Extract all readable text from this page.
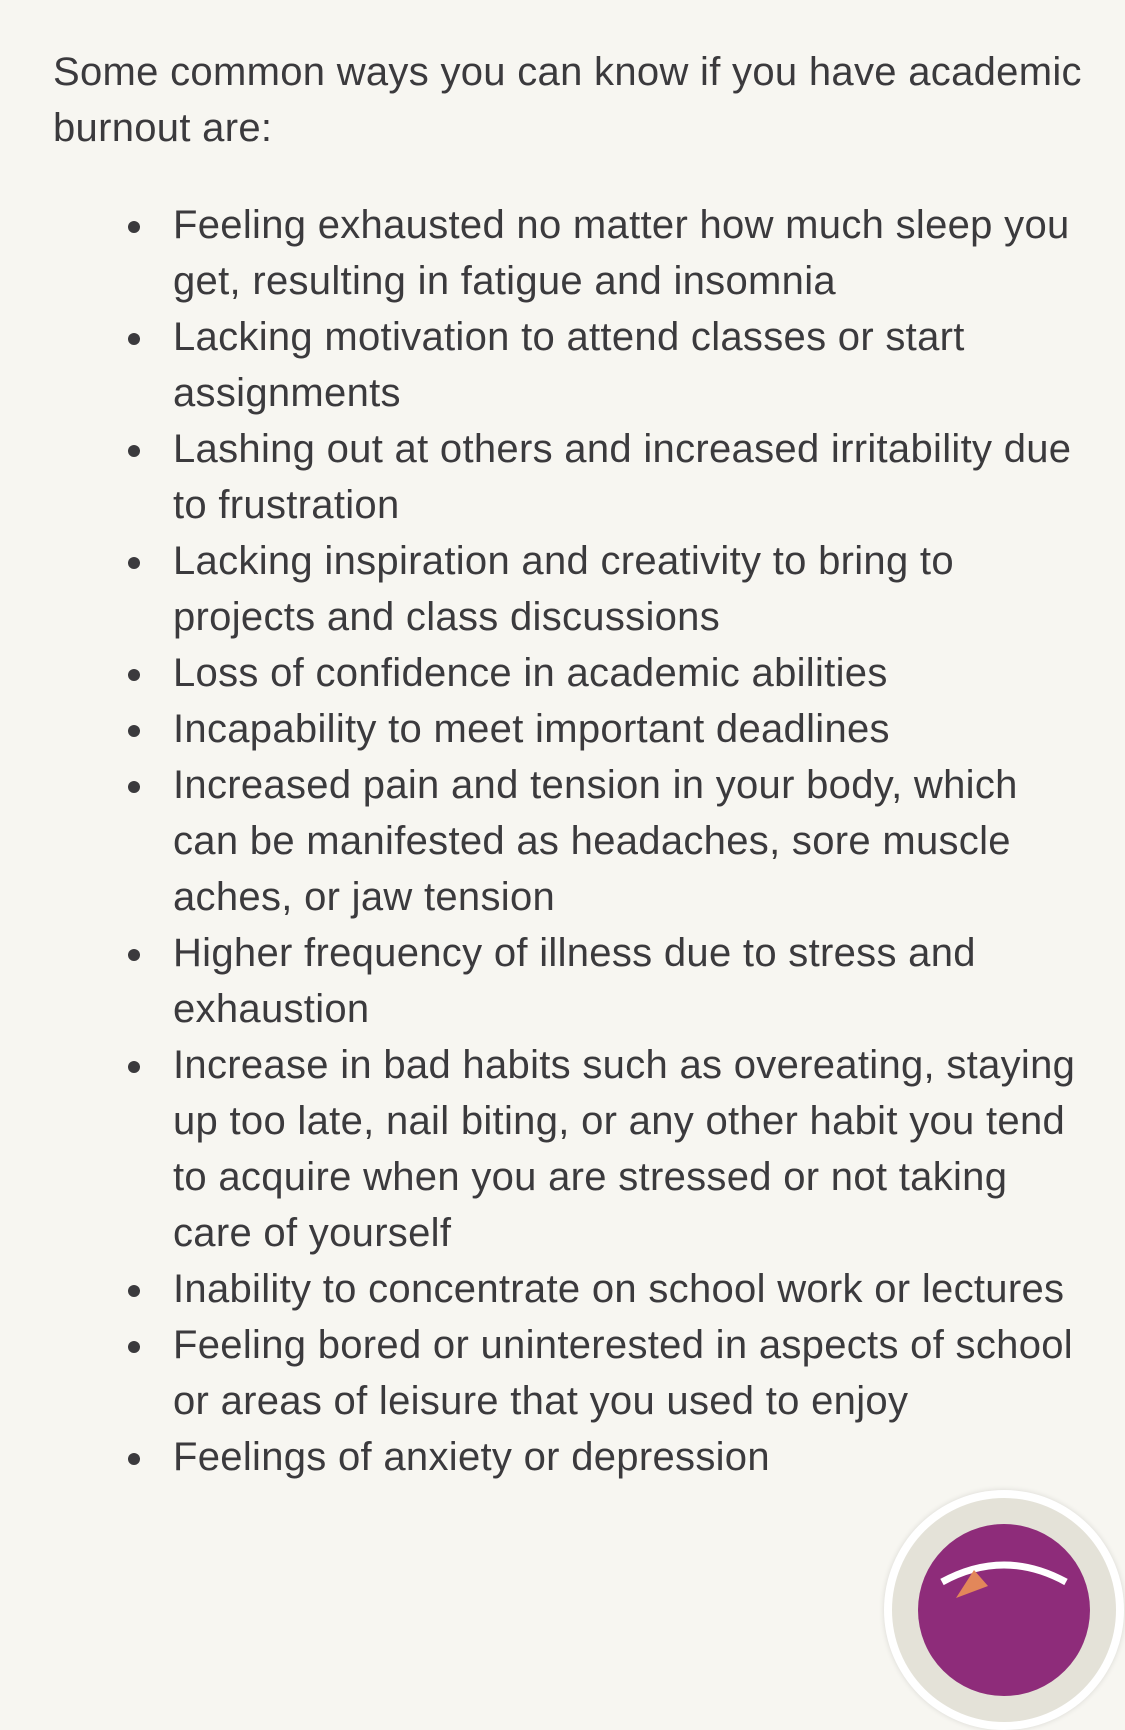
Some common ways you can know if you have academic burnout are:

Feeling exhausted no matter how much sleep you get, resulting in fatigue and insomnia
Lacking motivation to attend classes or start assignments
Lashing out at others and increased irritability due to frustration
Lacking inspiration and creativity to bring to projects and class discussions
Loss of confidence in academic abilities
Incapability to meet important deadlines
Increased pain and tension in your body, which can be manifested as headaches, sore muscle aches, or jaw tension
Higher frequency of illness due to stress and exhaustion
Increase in bad habits such as overeating, staying up too late, nail biting, or any other habit you tend to acquire when you are stressed or not taking care of yourself
Inability to concentrate on school work or lectures
Feeling bored or uninterested in aspects of school or areas of leisure that you used to enjoy
Feelings of anxiety or depression
